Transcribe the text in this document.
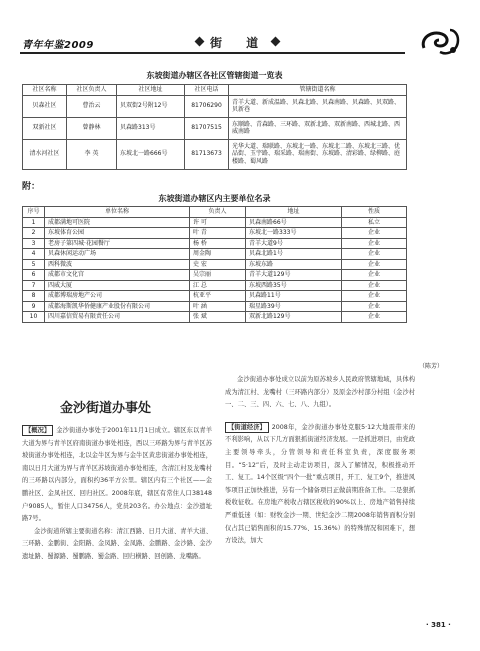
青年年鉴2009	街 道
东坡街道办辖区各社区管辖街道一览表
社区名称	社区负责人	社区地址	社区电话	管辖街道名称
贝森社区	曹治云	贝双街2号附12号	81706290	青羊大道、新成温路、贝森北路、贝森南路、贝森路、贝双路、贝新巷
双新社区	曾静林	贝森路313号	81707515	东顺路、青森路、三环路、双新北路、双新南路、西城北路、西威南路
清水河社区	李 英	东坡北一路666号	81713673	光华大道、瑞联路、东坡北一路、东坡北二路、东坡北三路、优品街、玉宇路、瑞采路、瑞南街、东坡路、清彩路、绿柳路、庭楼路、蜀风路
附：
东坡街道办辖区内主要单位名录
序号	单位名称	负责人	地址	性质
1	成都满地可医院	许 可	贝森南路66号	私立
2	东坡体育公园	叶 青	东坡北一路333号	企业
3	老房子第四城·花园餐厅	杨 桥	青羊大道9号	企业
4	贝森休闲运动广场	周金陶	贝森北路1号	企业
5	西科微波	史 宏	东坡东路	企业
6	成都市文化宫	吴宗丽	青羊大道129号	企业
7	四威大厦	江 总	东坡西路35号	企业
8	成都博瑞房地产公司	杭亚平	贝森路11号	企业
9	成都海斯凯华侨健康产业股份有限公司	叶 涵	瑞星路39号	企业
10	四川嘉信贸易有限责任公司	张 斌	双新北路129号	企业
（陈芳）
金沙街道办事处

【概况】 金沙街道办事处于2001年11月1日成立。辖区东以青羊大道为界与青羊区府南街道办事处相连，西以三环路为界与青羊区苏坡街道办事处相连，北以金牛区为界与金牛区黄忠街道办事处相连，南以日月大道为界与青羊区苏坡街道办事处相连，含清江村及龙嘴村的三环路以内部分，面积约36平方公里。辖区内有三个社区——金鹏社区、金凤社区、回归社区。2008年底，辖区有常住人口38148户9085人，暂住人口34756人，党员203名。办公地点：金沙遗址路7号。

金沙街道所辖主要街道名称：清江西路、日月大道、青羊大道、三环路、金鹏街、金阳路、金凤路、金凤路、金鹏路、金沙路、金沙遗址路、蜀源路、蜀鹏路、蜀金路、回归横路、回创路、龙嘴路。

金沙街道办事处成立以前为原苏坡乡人民政府管辖地域，具体构成为清江村、龙嘴村（三环路内部分）及原金沙村部分村组（金沙村一、二、三、四、六、七、八、九组）。

【街道经济】 2008年，金沙街道办事处克服5·12大地震带来的不利影响，从以下几方面狠抓街道经济发展。一是抓进项目，由党政主要领导牵头，分管领导和责任科室负责，深度服务项目。“5·12”后，及时主动走访项目，深入了解情况，积极推动开工、复工。14个区级“四个一批”重点项目，开工、复工9个，推进风筝项目正加快推进，另有一个储备项目正做前期准备工作。二是狠抓税收征收。在房地产税收占辖区税收的90%以上、房地产销售持续严重低迷（如：财牧金沙一期、世纪金沙二期2008年销售面积分别仅占其已销售面积的15.77%、15.36%）的特殊情况和困难下，想方设法，加大

· 381 ·
